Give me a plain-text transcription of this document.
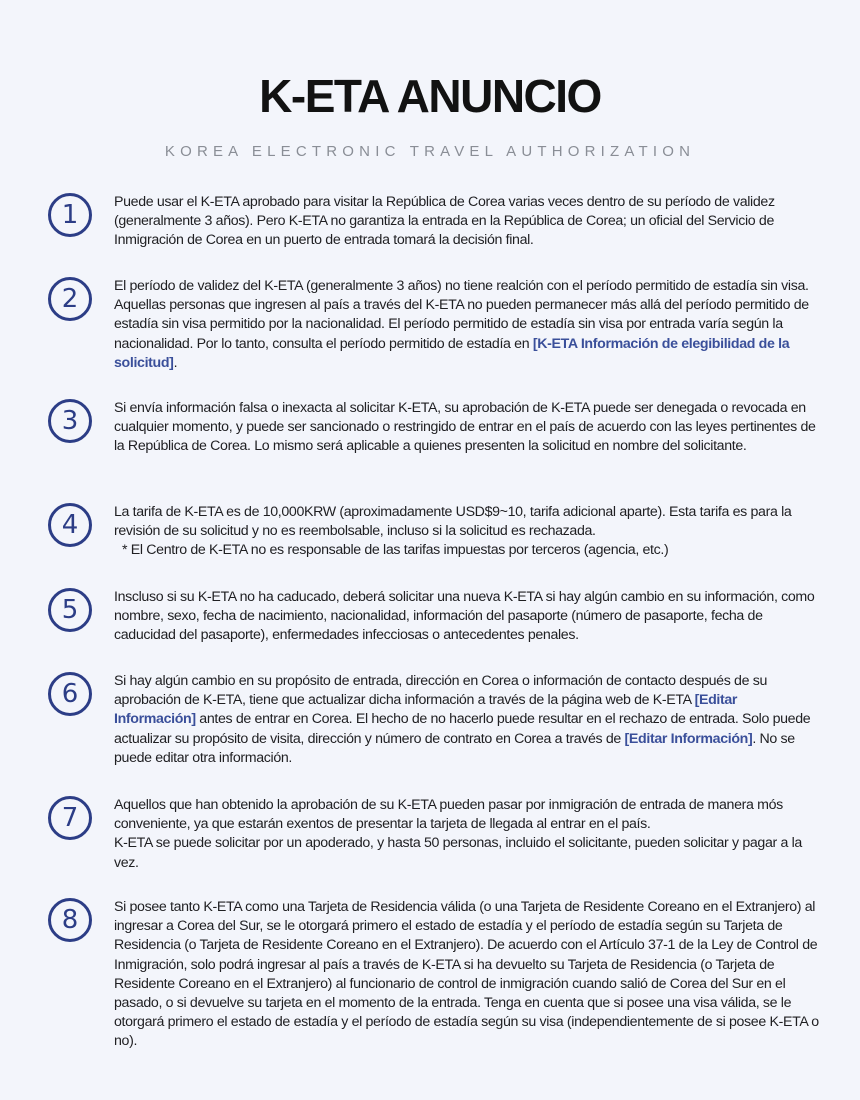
K-ETA ANUNCIO
KOREA ELECTRONIC TRAVEL AUTHORIZATION
1	Puede usar el K-ETA aprobado para visitar la República de Corea varias veces dentro de su período de validez (generalmente 3 años). Pero K-ETA no garantiza la entrada en la República de Corea; un oficial del Servicio de Inmigración de Corea en un puerto de entrada tomará la decisión final.

2	El período de validez del K-ETA (generalmente 3 años) no tiene realción con el período permitido de estadía sin visa. Aquellas personas que ingresen al país a través del K-ETA no pueden permanecer más allá del período permitido de estadía sin visa permitido por la nacionalidad. El período permitido de estadía sin visa por entrada varía según la nacionalidad. Por lo tanto, consulta el período permitido de estadía en [K-ETA Información de elegibilidad de la solicitud].

3	Si envía información falsa o inexacta al solicitar K-ETA, su aprobación de K-ETA puede ser denegada o revocada en cualquier momento, y puede ser sancionado o restringido de entrar en el país de acuerdo con las leyes pertinentes de la República de Corea. Lo mismo será aplicable a quienes presenten la solicitud en nombre del solicitante.

4	La tarifa de K-ETA es de 10,000KRW (aproximadamente USD$9~10, tarifa adicional aparte). Esta tarifa es para la revisión de su solicitud y no es reembolsable, incluso si la solicitud es rechazada.

* El Centro de K-ETA no es responsable de las tarifas impuestas por terceros (agencia, etc.)

5	Inscluso si su K-ETA no ha caducado, deberá solicitar una nueva K-ETA si hay algún cambio en su información, como nombre, sexo, fecha de nacimiento, nacionalidad, información del pasaporte (número de pasaporte, fecha de caducidad del pasaporte), enfermedades infecciosas o antecedentes penales.

6	Si hay algún cambio en su propósito de entrada, dirección en Corea o información de contacto después de su aprobación de K-ETA, tiene que actualizar dicha información a través de la página web de K-ETA [Editar Información] antes de entrar en Corea. El hecho de no hacerlo puede resultar en el rechazo de entrada. Solo puede actualizar su propósito de visita, dirección y número de contrato en Corea a través de [Editar Información]. No se puede editar otra información.

7	Aquellos que han obtenido la aprobación de su K-ETA pueden pasar por inmigración de entrada de manera mós conveniente, ya que estarán exentos de presentar la tarjeta de llegada al entrar en el país.

K-ETA se puede solicitar por un apoderado, y hasta 50 personas, incluido el solicitante, pueden solicitar y pagar a la vez.

8	Si posee tanto K-ETA como una Tarjeta de Residencia válida (o una Tarjeta de Residente Coreano en el Extranjero) al ingresar a Corea del Sur, se le otorgará primero el estado de estadía y el período de estadía según su Tarjeta de Residencia (o Tarjeta de Residente Coreano en el Extranjero). De acuerdo con el Artículo 37-1 de la Ley de Control de Inmigración, solo podrá ingresar al país a través de K-ETA si ha devuelto su Tarjeta de Residencia (o Tarjeta de Residente Coreano en el Extranjero) al funcionario de control de inmigración cuando salió de Corea del Sur en el pasado, o si devuelve su tarjeta en el momento de la entrada. Tenga en cuenta que si posee una visa válida, se le otorgará primero el estado de estadía y el período de estadía según su visa (independientemente de si posee K-ETA o no).
